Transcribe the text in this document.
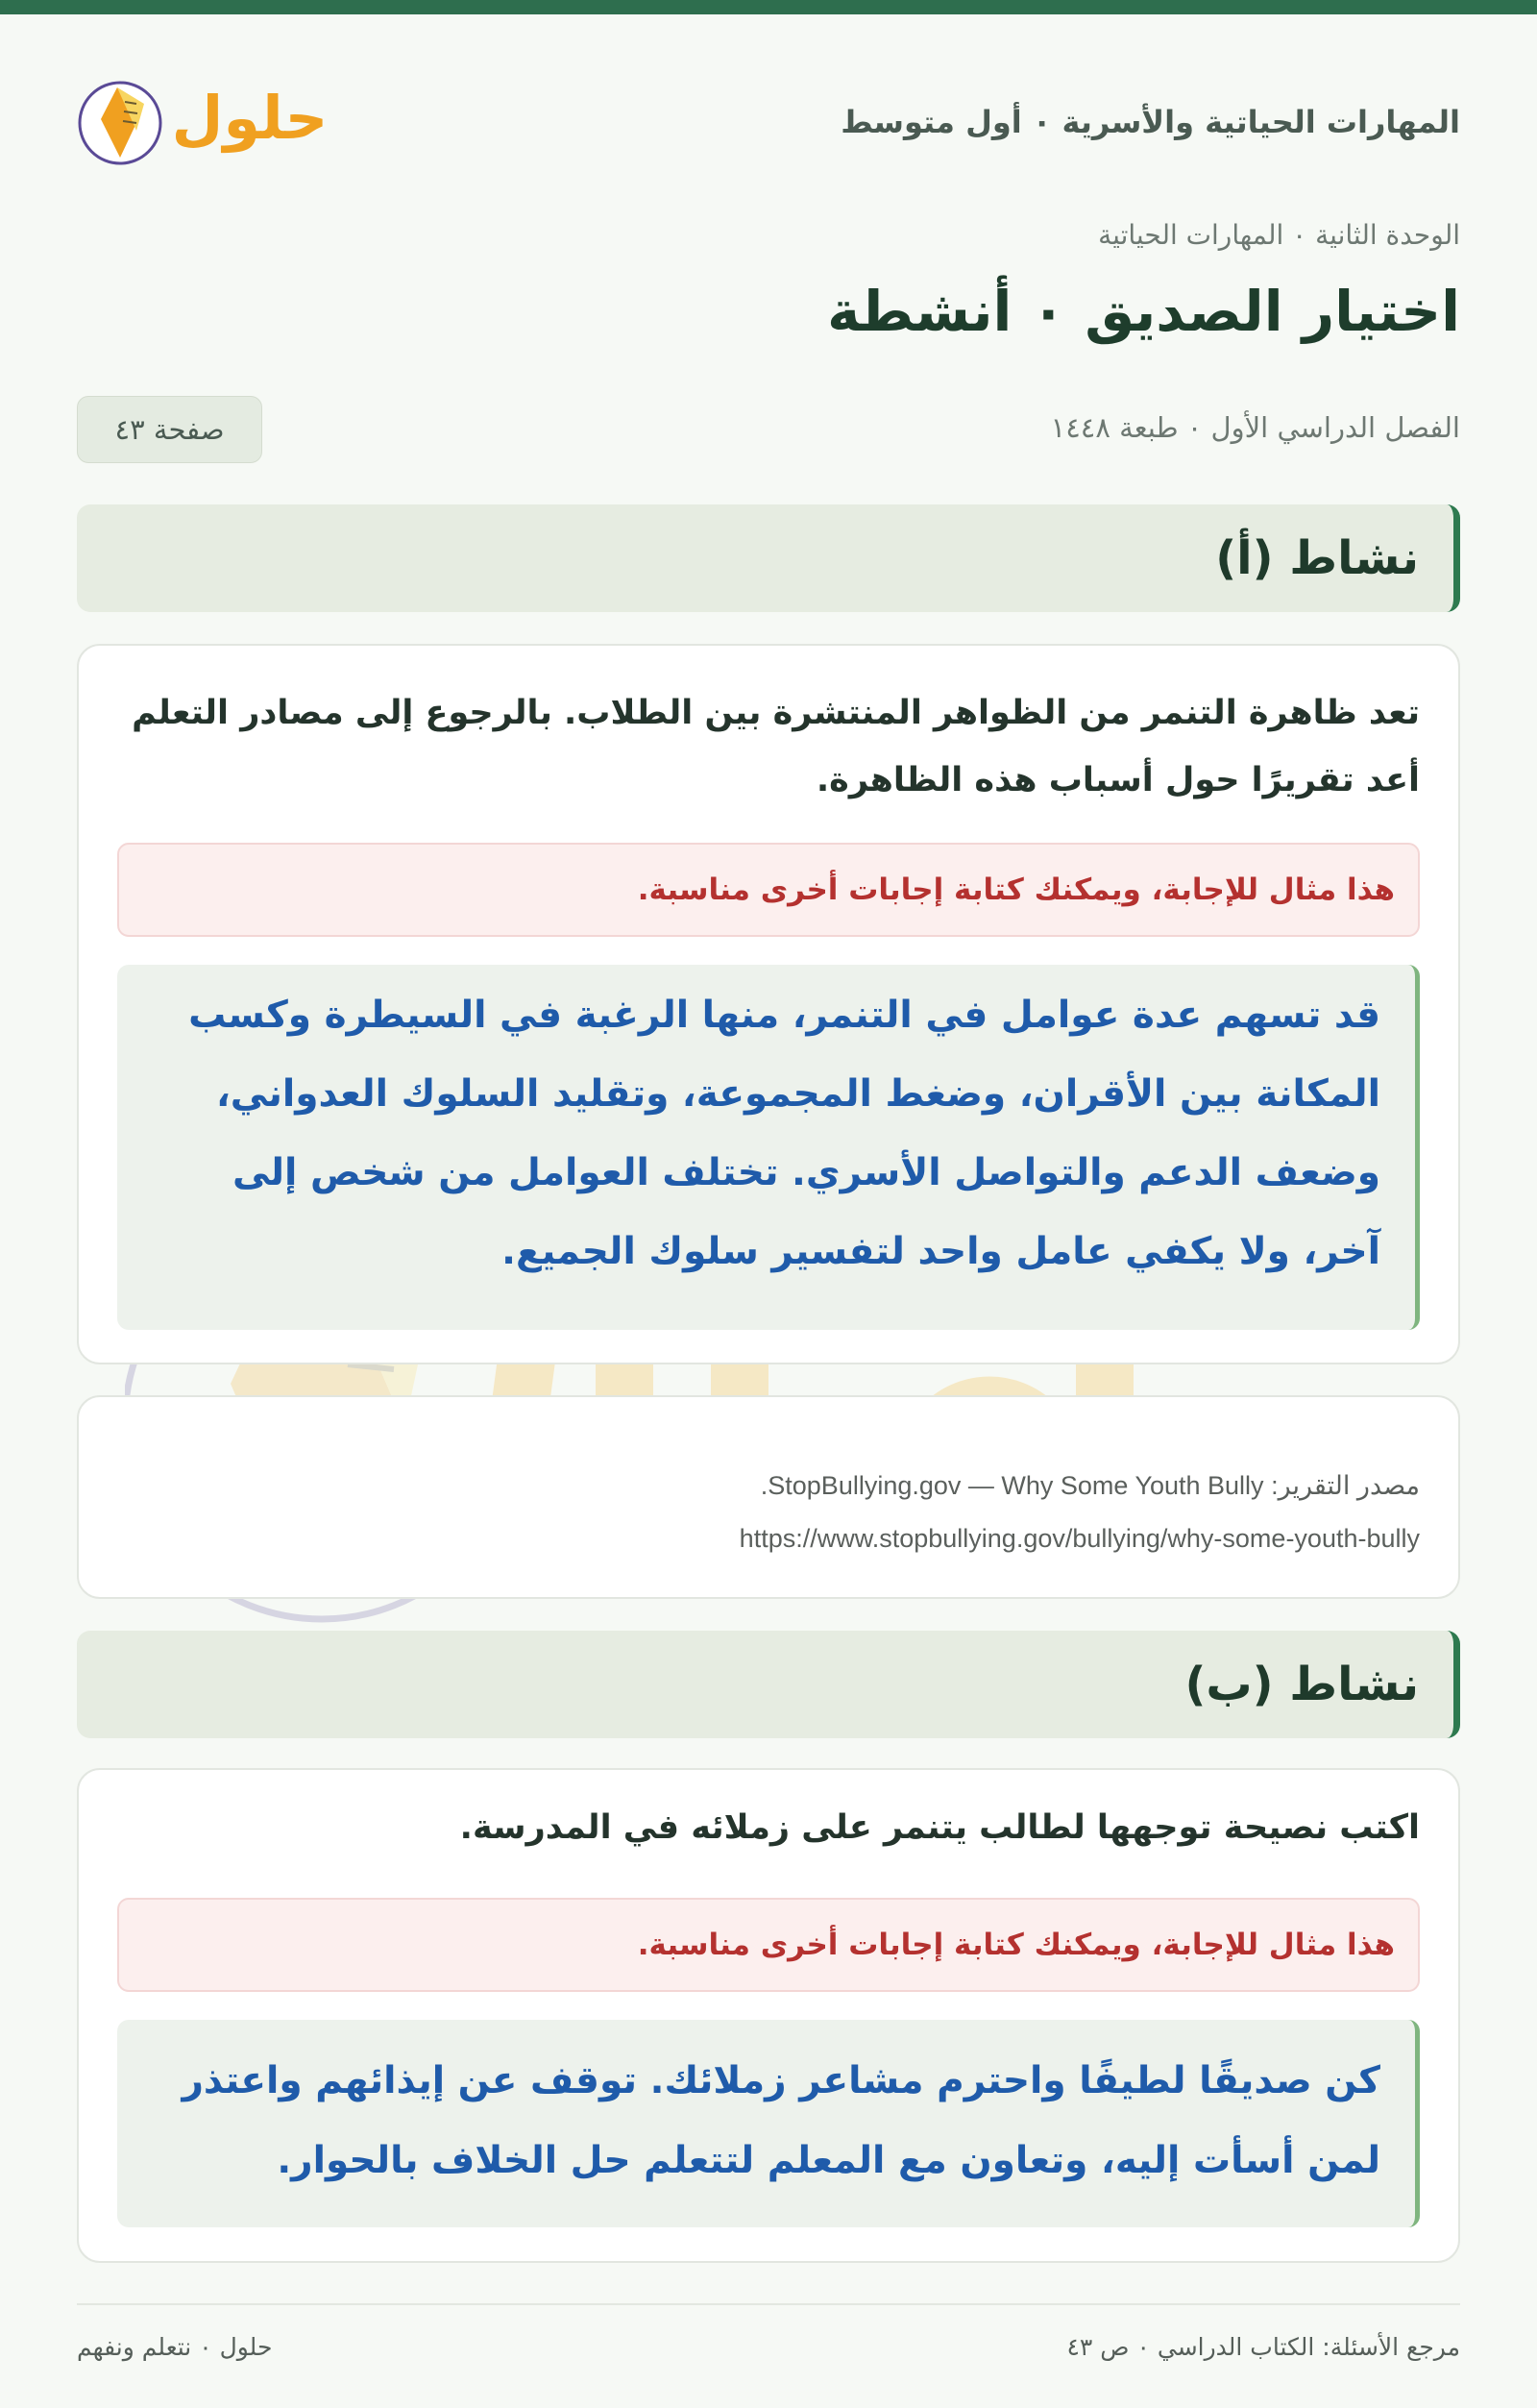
المهارات الحياتية والأسرية ٠ أول متوسط
حلول
الوحدة الثانية ٠ المهارات الحياتية
اختيار الصديق ٠ أنشطة
الفصل الدراسي الأول ٠ طبعة ١٤٤٨
صفحة ٤٣
نشاط (أ)
تعد ظاهرة التنمر من الظواهر المنتشرة بين الطلاب. بالرجوع إلى مصادر التعلم أعد تقريرًا حول أسباب هذه الظاهرة.
هذا مثال للإجابة، ويمكنك كتابة إجابات أخرى مناسبة.

قد تسهم عدة عوامل في التنمر، منها الرغبة في السيطرة وكسب المكانة بين الأقران، وضغط المجموعة، وتقليد السلوك العدواني، وضعف الدعم والتواصل الأسري. تختلف العوامل من شخص إلى آخر، ولا يكفي عامل واحد لتفسير سلوك الجميع.

مصدر التقرير: StopBullying.gov — Why Some Youth Bully.
https://www.stopbullying.gov/bullying/why-some-youth-bully
نشاط (ب)
اكتب نصيحة توجهها لطالب يتنمر على زملائه في المدرسة.
هذا مثال للإجابة، ويمكنك كتابة إجابات أخرى مناسبة.

كن صديقًا لطيفًا واحترم مشاعر زملائك. توقف عن إيذائهم واعتذر لمن أسأت إليه، وتعاون مع المعلم لتتعلم حل الخلاف بالحوار.

مرجع الأسئلة: الكتاب الدراسي ٠ ص ٤٣
حلول ٠ نتعلم ونفهم
